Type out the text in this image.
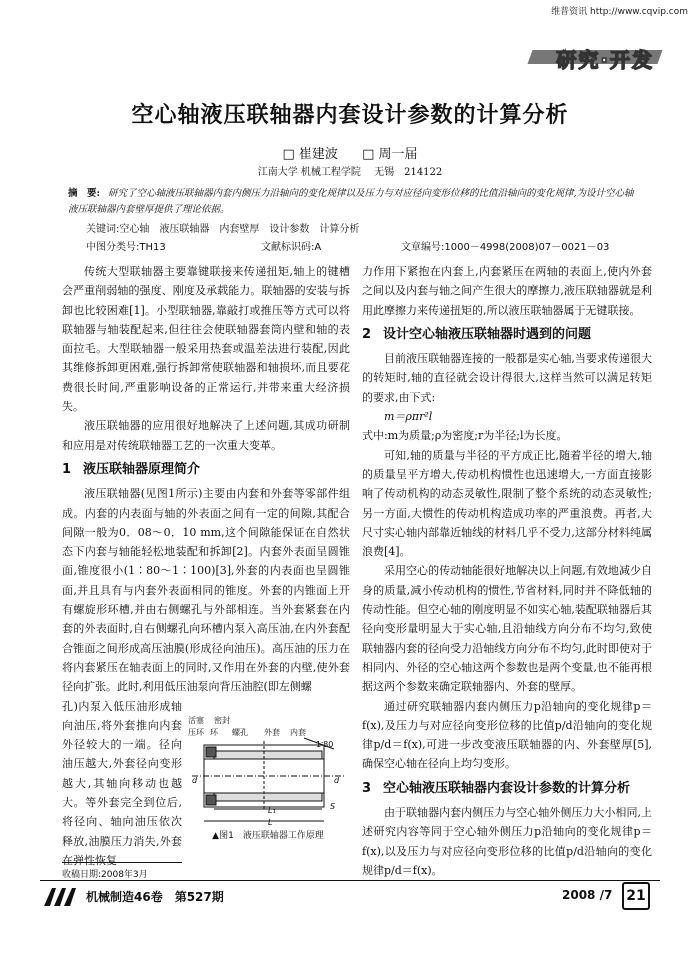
维普资讯 http://www.cqvip.com
研究·开发
空心轴液压联轴器内套设计参数的计算分析
□ 崔建波 □ 周一届
江南大学 机械工程学院　 无锡　214122
摘　要: 研究了空心轴液压联轴器内套内侧压力沿轴向的变化规律以及压力与对应径向变形位移的比值沿轴向的变化规律,为设计空心轴液压联轴器内套壁厚提供了理论依据。
关键词:空心轴　液压联轴器　内套壁厚　设计参数　计算分析
中图分类号:TH13	文献标识码:A	文章编号:1000－4998(2008)07－0021－03

传统大型联轴器主要靠键联接来传递扭矩,轴上的键槽会严重削弱轴的强度、刚度及承载能力。联轴器的安装与拆卸也比较困难[1]。小型联轴器,靠敲打或推压等方式可以将联轴器与轴装配起来,但往往会使联轴器套筒内壁和轴的表面拉毛。大型联轴器一般采用热套或温差法进行装配,因此其维修拆卸更困难,强行拆卸常使联轴器和轴损坏,而且要花费很长时间,严重影响设备的正常运行,并带来重大经济损失。

液压联轴器的应用很好地解决了上述问题,其成功研制和应用是对传统联轴器工艺的一次重大变革。

1 液压联轴器原理简介

液压联轴器(见图1所示)主要由内套和外套等零部件组成。内套的内表面与轴的外表面之间有一定的间隙,其配合间隙一般为0．08～0．10 mm,这个间隙能保证在自然状态下内套与轴能轻松地装配和拆卸[2]。内套外表面呈圆锥面,锥度很小(1∶80～1∶100)[3],外套的内表面也呈圆锥面,并且具有与内套外表面相同的锥度。外套的内锥面上开有螺旋形环槽,并由右侧螺孔与外部相连。当外套紧套在内套的外表面时,自右侧螺孔向环槽内泵入高压油,在内外套配合锥面之间形成高压油膜(形成径向油压)。高压油的压力在将内套紧压在轴表面上的同时,又作用在外套的内壁,使外套径向扩张。此时,利用低压油泵向背压油腔(即左侧螺

孔)内泵入低压油形成轴向油压,将外套推向内套外径较大的一端。径向油压越大,外套径向变形越大,其轴向移动也越大。等外套完全到位后,将径向、轴向油压依次释放,油膜压力消失,外套在弹性恢复

活塞 密封
压环 环 螺孔 外套 内套
1∶80
d	d
L₁
L
S
▲图1　液压联轴器工作原理
收稿日期:2008年3月

力作用下紧抱在内套上,内套紧压在两轴的表面上,使内外套之间以及内套与轴之间产生很大的摩擦力,液压联轴器就是利用此摩擦力来传递扭矩的,所以液压联轴器属于无键联接。

2 设计空心轴液压联轴器时遇到的问题

目前液压联轴器连接的一般都是实心轴,当要求传递很大的转矩时,轴的直径就会设计得很大,这样当然可以满足转矩的要求,由下式:

m＝ρπr²l

式中:m为质量;ρ为密度;r为半径;l为长度。

可知,轴的质量与半径的平方成正比,随着半径的增大,轴的质量呈平方增大,传动机构惯性也迅速增大,一方面直接影响了传动机构的动态灵敏性,限制了整个系统的动态灵敏性;另一方面,大惯性的传动机构造成功率的严重浪费。再者,大尺寸实心轴内部靠近轴线的材料几乎不受力,这部分材料纯属浪费[4]。

采用空心的传动轴能很好地解决以上问题,有效地减少自身的质量,减小传动机构的惯性,节省材料,同时并不降低轴的传动性能。但空心轴的刚度明显不如实心轴,装配联轴器后其径向变形量明显大于实心轴,且沿轴线方向分布不均匀,致使联轴器内套的径向受力沿轴线方向分布不均匀,此时即使对于相同内、外径的空心轴这两个参数也是两个变量,也不能再根据这两个参数来确定联轴器内、外套的壁厚。

通过研究联轴器内套内侧压力p沿轴向的变化规律p＝f(x),及压力与对应径向变形位移的比值p/d沿轴向的变化规律p/d＝f(x),可进一步改变液压联轴器的内、外套壁厚[5],确保空心轴在径向上均匀变形。

3 空心轴液压联轴器内套设计参数的计算分析

由于联轴器内套内侧压力与空心轴外侧压力大小相同,上述研究内容等同于空心轴外侧压力p沿轴向的变化规律p＝f(x),以及压力与对应径向变形位移的比值p/d沿轴向的变化规律p/d＝f(x)。

机械制造46卷　第527期	2008 /7 21
